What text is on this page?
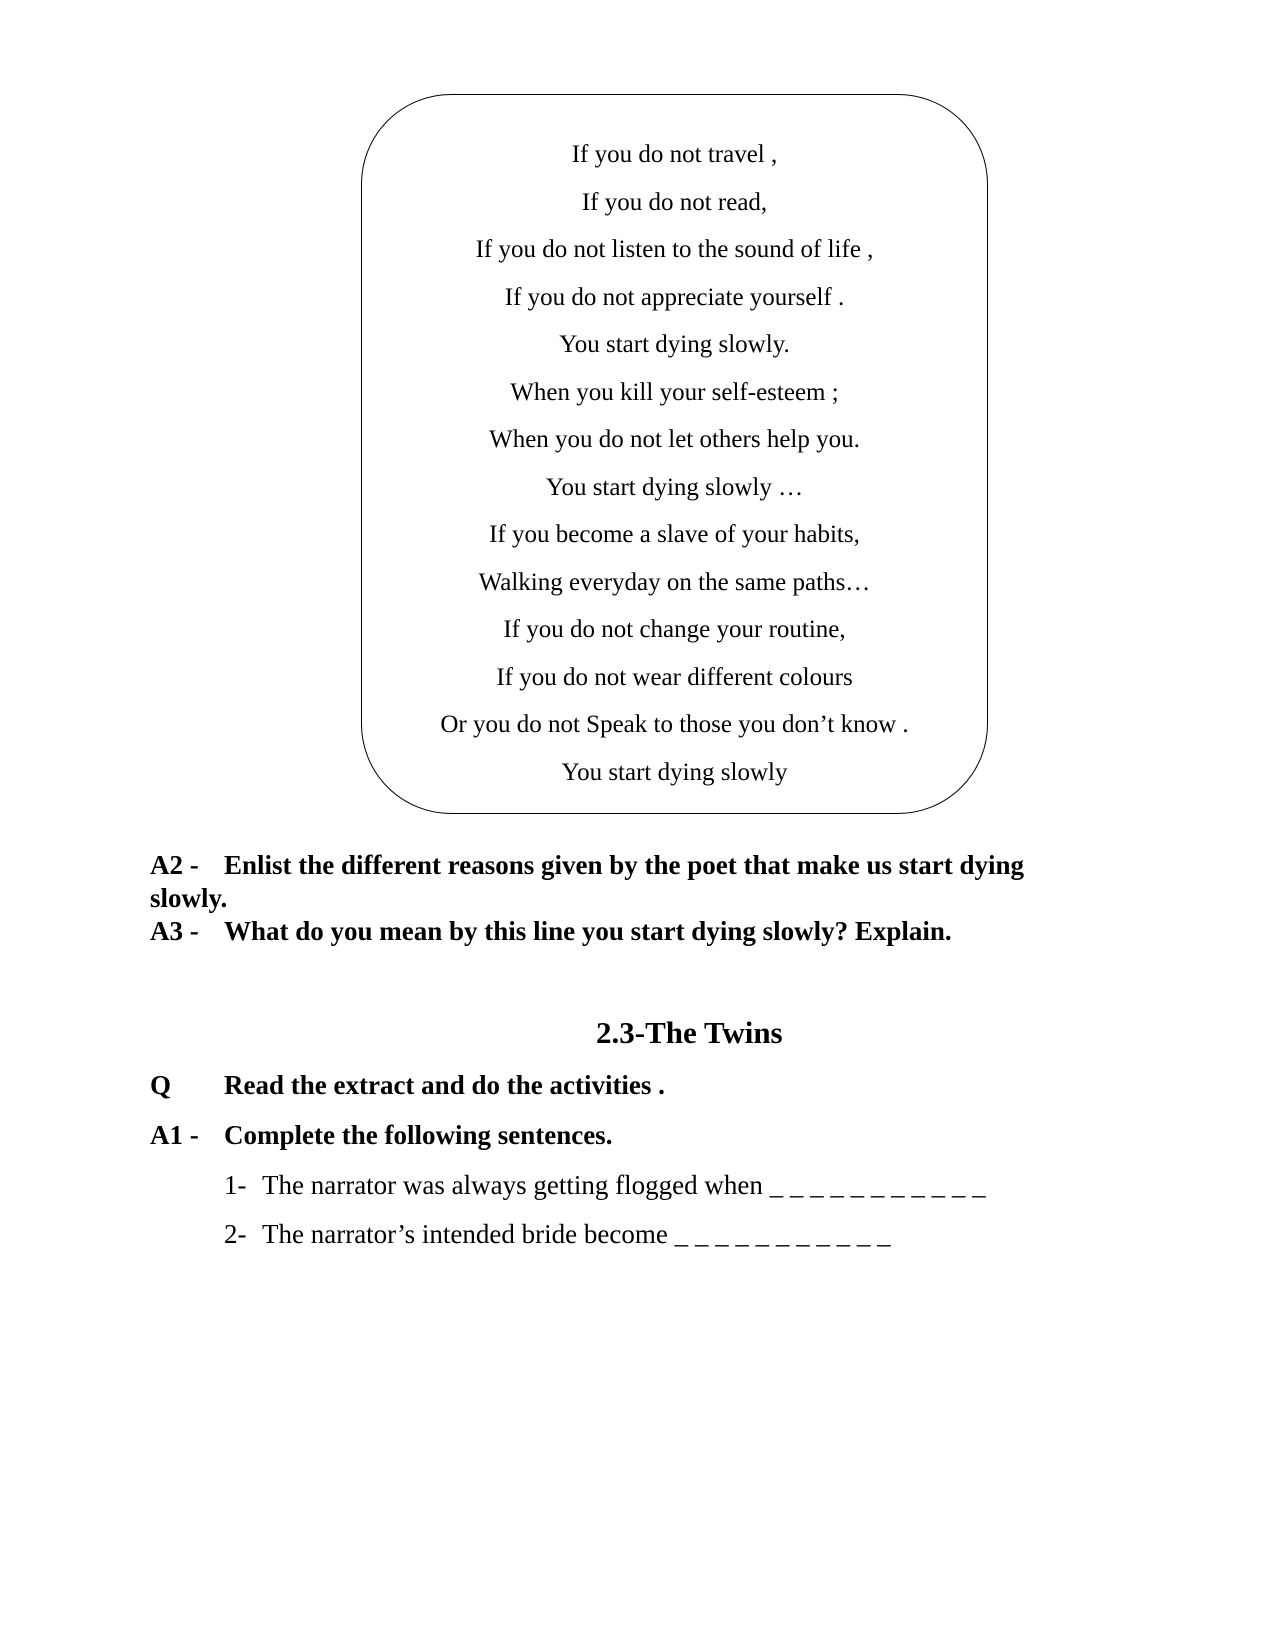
If you do not travel ,
If you do not read,
If you do not listen to the sound of life ,
If you do not appreciate yourself .
You start dying slowly.
When you kill your self-esteem ;
When you do not let others help you.
You start dying slowly …
If you become a slave of your habits,
Walking everyday on the same paths…
If you do not change your routine,
If you do not wear different colours
Or you do not Speak to those you don’t know .
You start dying slowly
A2 - Enlist the different reasons given by the poet that make us start dying
slowly.
A3 - What do you mean by this line you start dying slowly? Explain.
2.3-The Twins
Q Read the extract and do the activities .
A1 - Complete the following sentences.
1- The narrator was always getting flogged when _ _ _ _ _ _ _ _ _ _ _
2- The narrator’s intended bride become _ _ _ _ _ _ _ _ _ _ _
